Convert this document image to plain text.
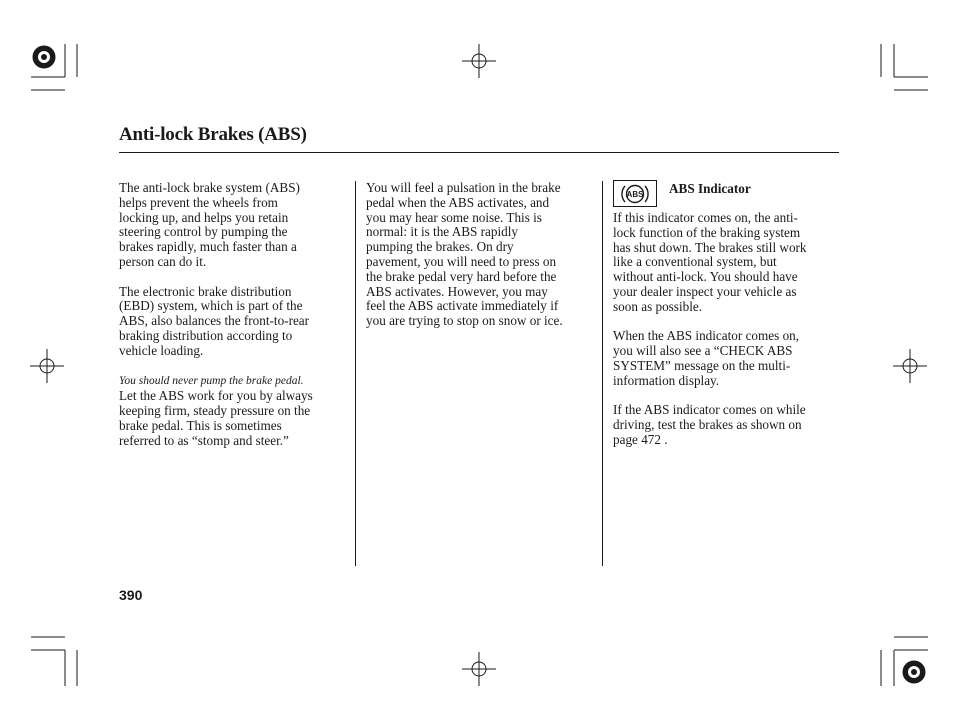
Anti-lock Brakes (ABS)

The anti-lock brake system (ABS)
helps prevent the wheels from
locking up, and helps you retain
steering control by pumping the
brakes rapidly, much faster than a
person can do it.

The electronic brake distribution
(EBD) system, which is part of the
ABS, also balances the front-to-rear
braking distribution according to
vehicle loading.

You should never pump the brake pedal.
Let the ABS work for you by always
keeping firm, steady pressure on the
brake pedal. This is sometimes
referred to as “stomp and steer.”

You will feel a pulsation in the brake
pedal when the ABS activates, and
you may hear some noise. This is
normal: it is the ABS rapidly
pumping the brakes. On dry
pavement, you will need to press on
the brake pedal very hard before the
ABS activates. However, you may
feel the ABS activate immediately if
you are trying to stop on snow or ice.

ABS ABS Indicator

If this indicator comes on, the anti-
lock function of the braking system
has shut down. The brakes still work
like a conventional system, but
without anti-lock. You should have
your dealer inspect your vehicle as
soon as possible.

When the ABS indicator comes on,
you will also see a “CHECK ABS
SYSTEM” message on the multi-
information display.

If the ABS indicator comes on while
driving, test the brakes as shown on
page 472 .

390
